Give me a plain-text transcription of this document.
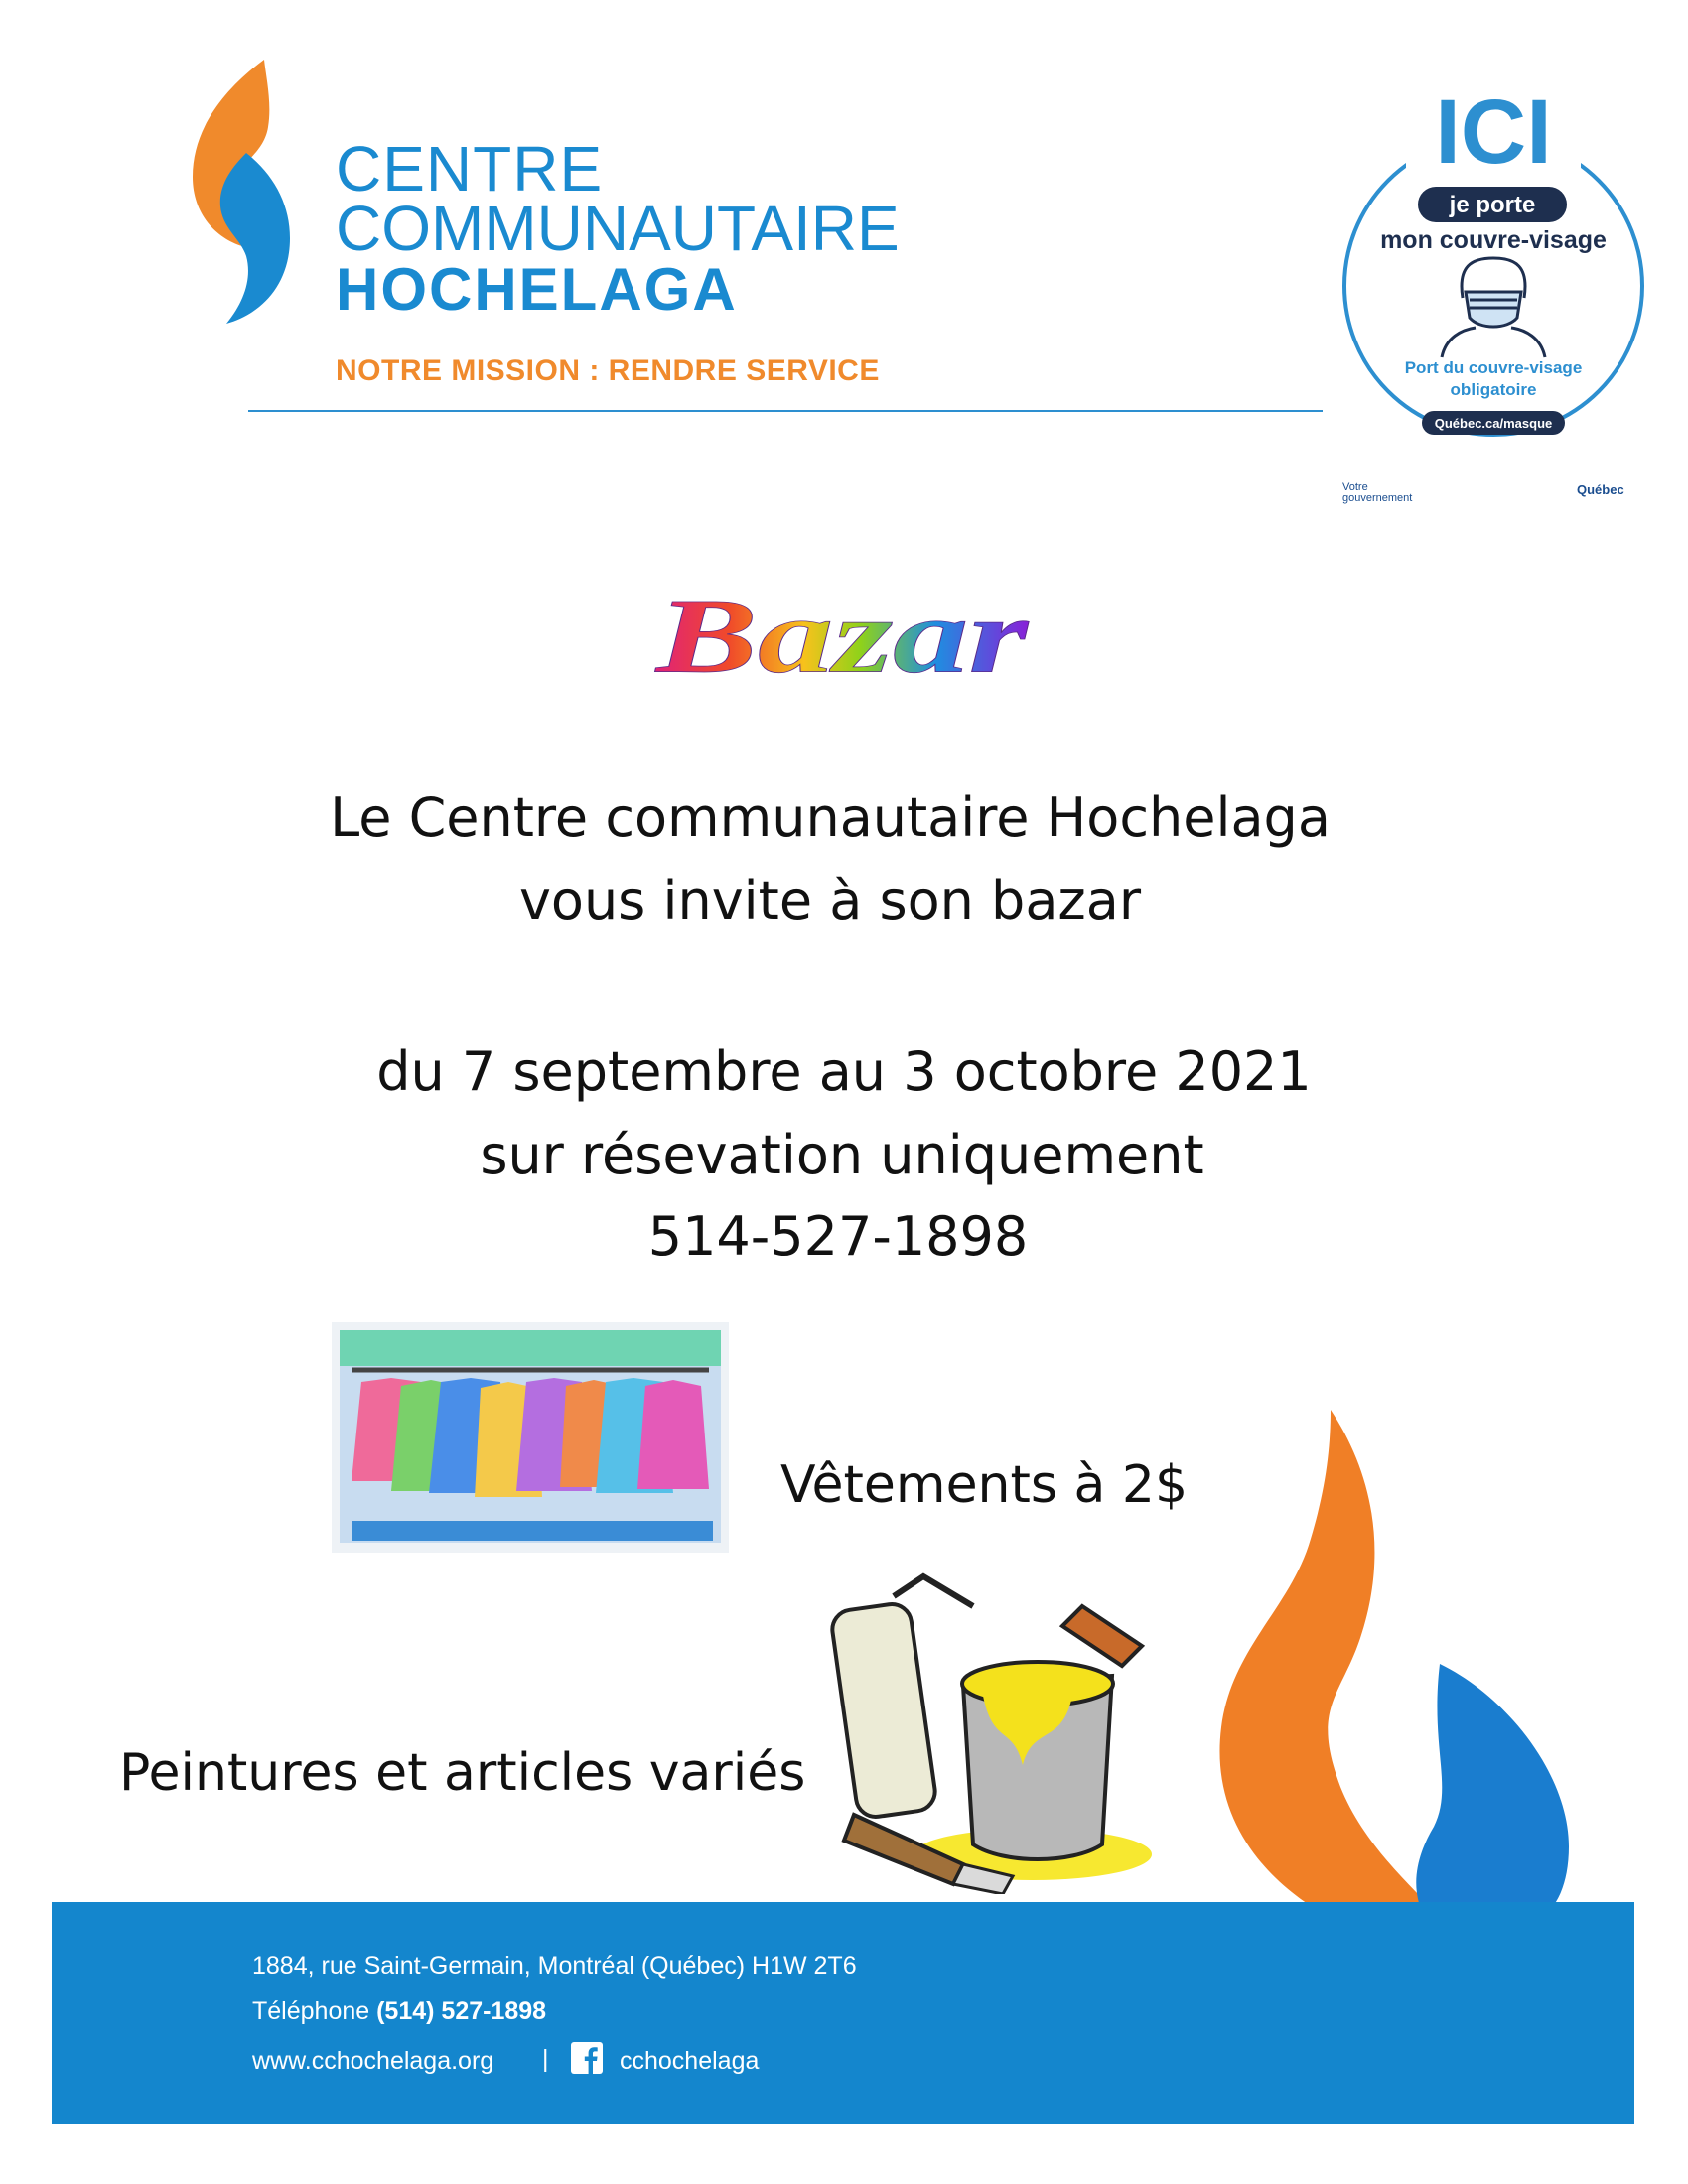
CENTRE
COMMUNAUTAIRE
HOCHELAGA
NOTRE MISSION : RENDRE SERVICE
ICI
je porte
mon couvre-visage
Port du couvre-visage
obligatoire
Québec.ca/masque
Votre
gouvernement
Québec
Bazar
Le Centre communautaire Hochelaga
vous invite à son bazar
du 7 septembre au 3 octobre 2021
sur résevation uniquement
514-527-1898
Vêtements à 2$
Peintures et articles variés
1884, rue Saint-Germain, Montréal (Québec) H1W 2T6
Téléphone (514) 527-1898
www.cchochelaga.org |	cchochelaga
